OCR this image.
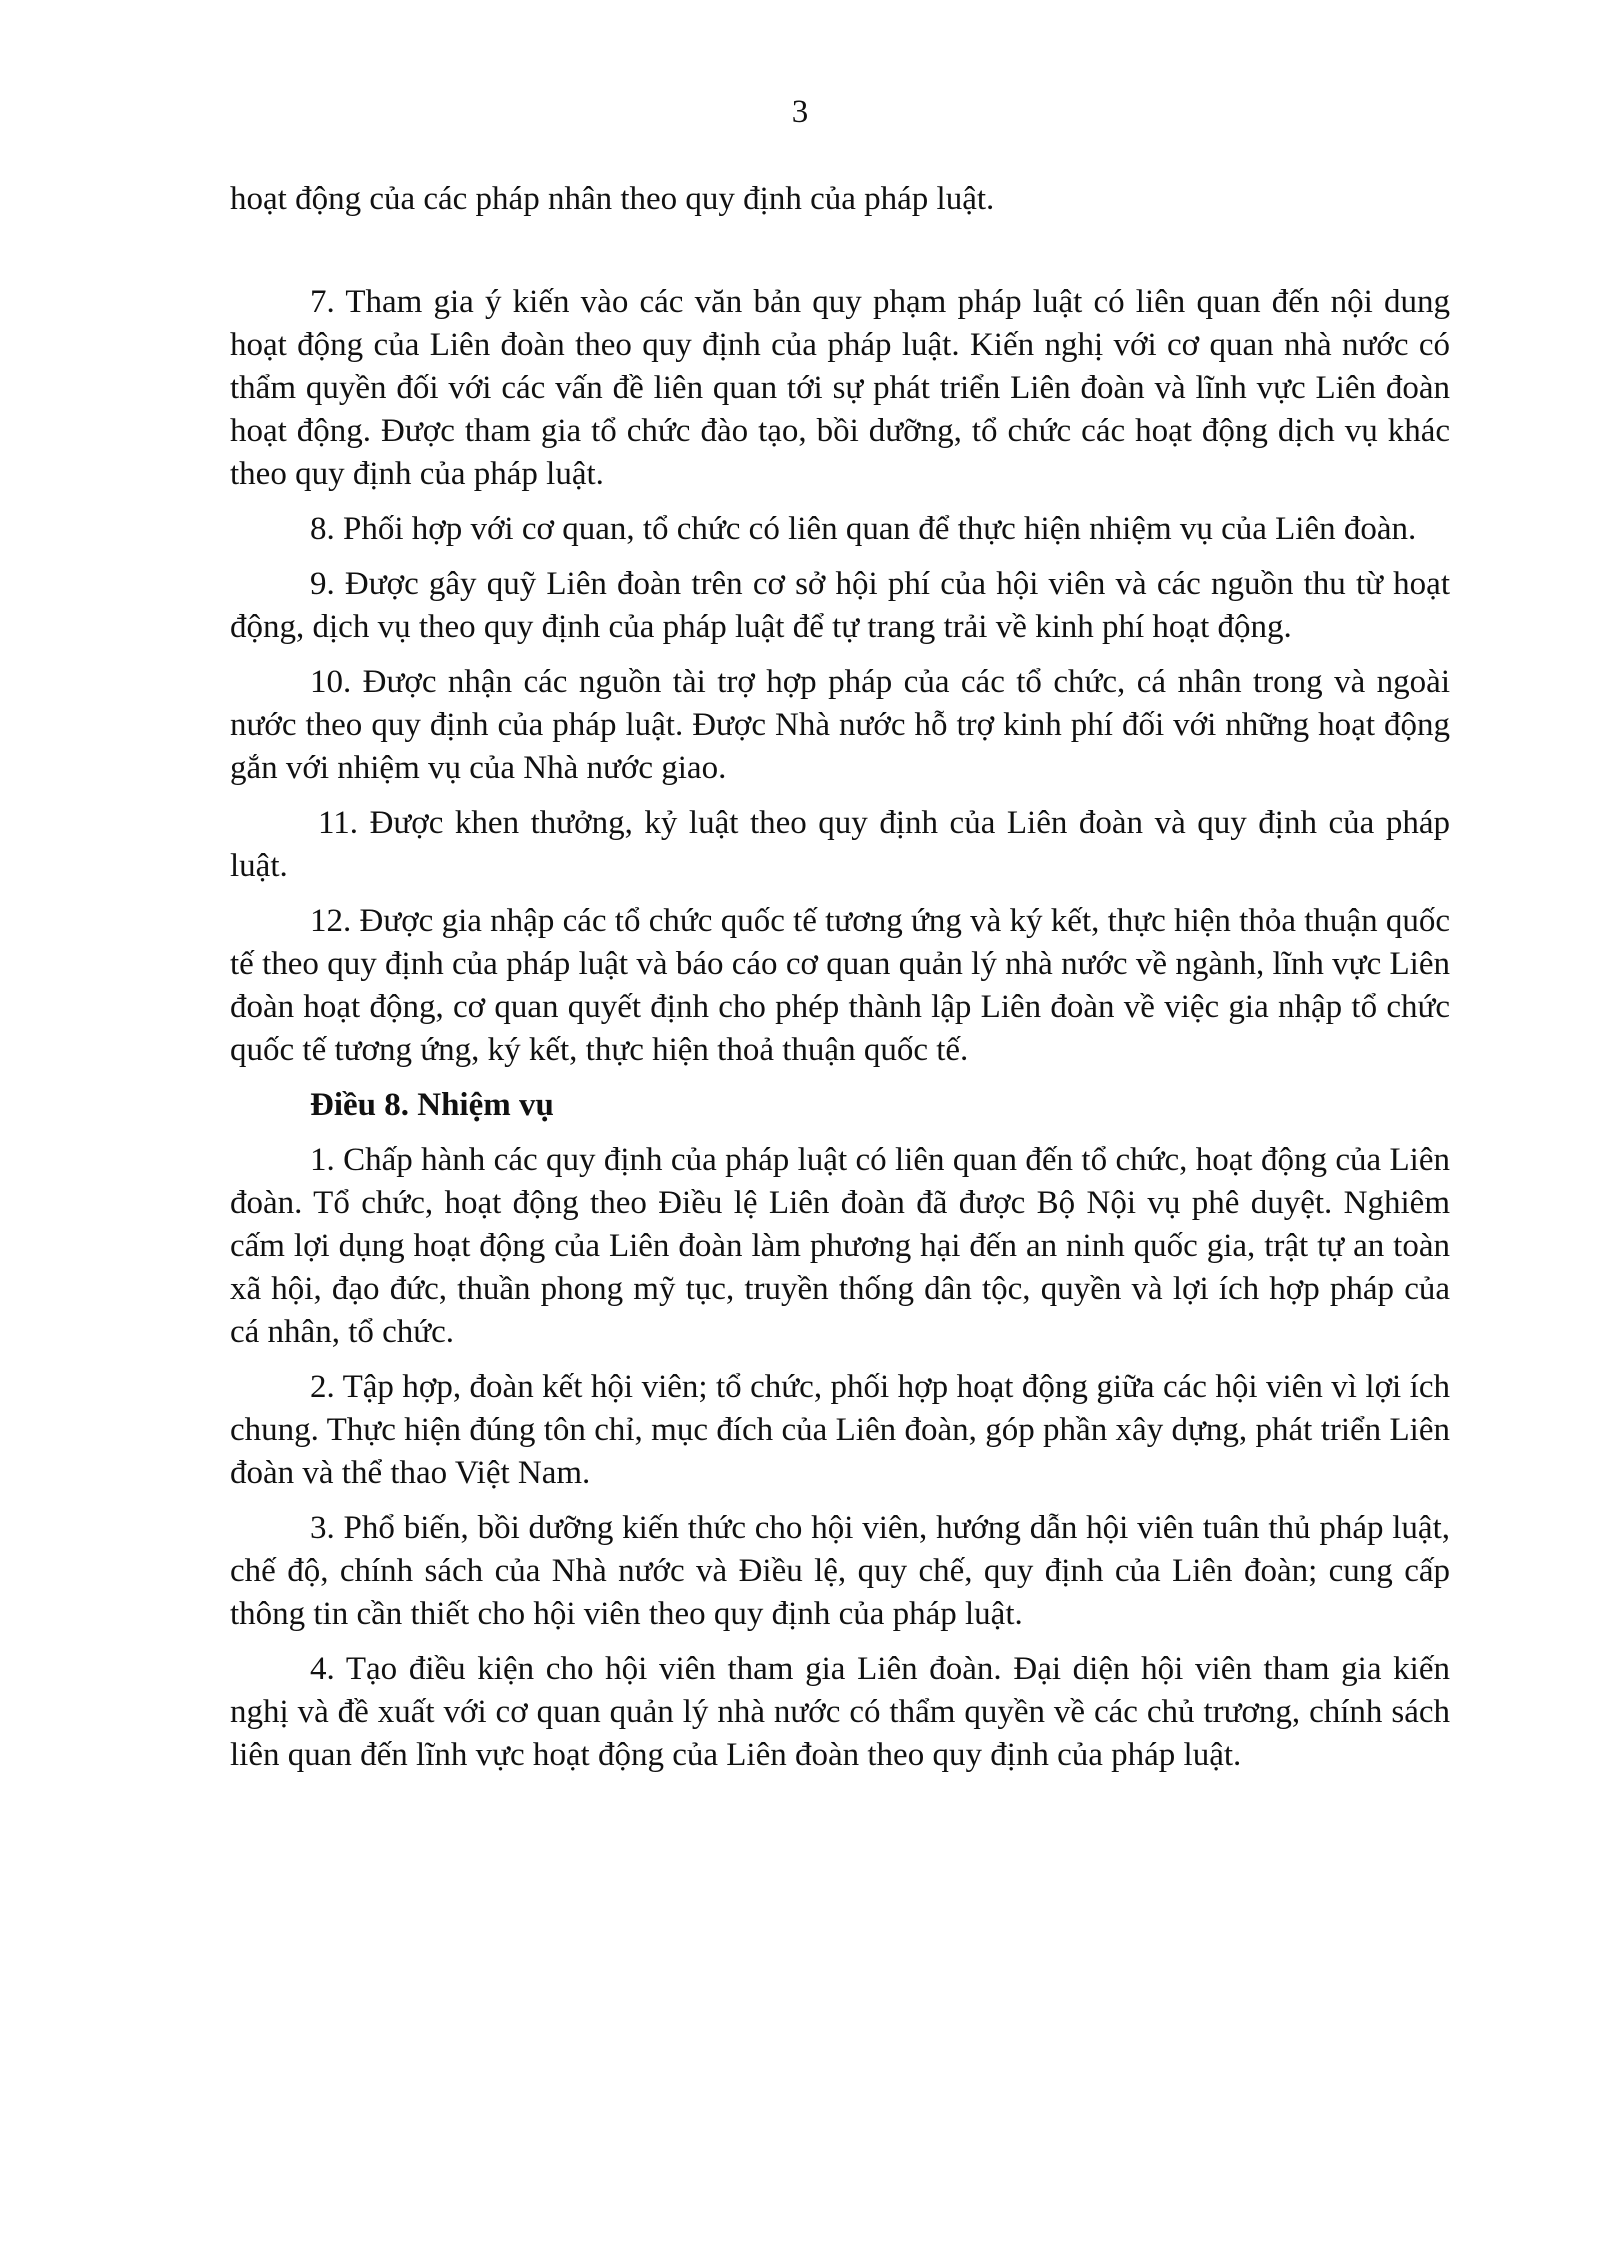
3

hoạt động của các pháp nhân theo quy định của pháp luật.

7. Tham gia ý kiến vào các văn bản quy phạm pháp luật có liên quan đến nội dung hoạt động của Liên đoàn theo quy định của pháp luật. Kiến nghị với cơ quan nhà nước có thẩm quyền đối với các vấn đề liên quan tới sự phát triển Liên đoàn và lĩnh vực Liên đoàn hoạt động. Được tham gia tổ chức đào tạo, bồi dưỡng, tổ chức các hoạt động dịch vụ khác theo quy định của pháp luật.

8. Phối hợp với cơ quan, tổ chức có liên quan để thực hiện nhiệm vụ của Liên đoàn.

9. Được gây quỹ Liên đoàn trên cơ sở hội phí của hội viên và các nguồn thu từ hoạt động, dịch vụ theo quy định của pháp luật để tự trang trải về kinh phí hoạt động.

10. Được nhận các nguồn tài trợ hợp pháp của các tổ chức, cá nhân trong và ngoài nước theo quy định của pháp luật. Được Nhà nước hỗ trợ kinh phí đối với những hoạt động gắn với nhiệm vụ của Nhà nước giao.

11. Được khen thưởng, kỷ luật theo quy định của Liên đoàn và quy định của pháp luật.

12. Được gia nhập các tổ chức quốc tế tương ứng và ký kết, thực hiện thỏa thuận quốc tế theo quy định của pháp luật và báo cáo cơ quan quản lý nhà nước về ngành, lĩnh vực Liên đoàn hoạt động, cơ quan quyết định cho phép thành lập Liên đoàn về việc gia nhập tổ chức quốc tế tương ứng, ký kết, thực hiện thoả thuận quốc tế.

Điều 8. Nhiệm vụ

1. Chấp hành các quy định của pháp luật có liên quan đến tổ chức, hoạt động của Liên đoàn. Tổ chức, hoạt động theo Điều lệ Liên đoàn đã được Bộ Nội vụ phê duyệt. Nghiêm cấm lợi dụng hoạt động của Liên đoàn làm phương hại đến an ninh quốc gia, trật tự an toàn xã hội, đạo đức, thuần phong mỹ tục, truyền thống dân tộc, quyền và lợi ích hợp pháp của cá nhân, tổ chức.

2. Tập hợp, đoàn kết hội viên; tổ chức, phối hợp hoạt động giữa các hội viên vì lợi ích chung. Thực hiện đúng tôn chỉ, mục đích của Liên đoàn, góp phần xây dựng, phát triển Liên đoàn và thể thao Việt Nam.

3. Phổ biến, bồi dưỡng kiến thức cho hội viên, hướng dẫn hội viên tuân thủ pháp luật, chế độ, chính sách của Nhà nước và Điều lệ, quy chế, quy định của Liên đoàn; cung cấp thông tin cần thiết cho hội viên theo quy định của pháp luật.

4. Tạo điều kiện cho hội viên tham gia Liên đoàn. Đại diện hội viên tham gia kiến nghị và đề xuất với cơ quan quản lý nhà nước có thẩm quyền về các chủ trương, chính sách liên quan đến lĩnh vực hoạt động của Liên đoàn theo quy định của pháp luật.
